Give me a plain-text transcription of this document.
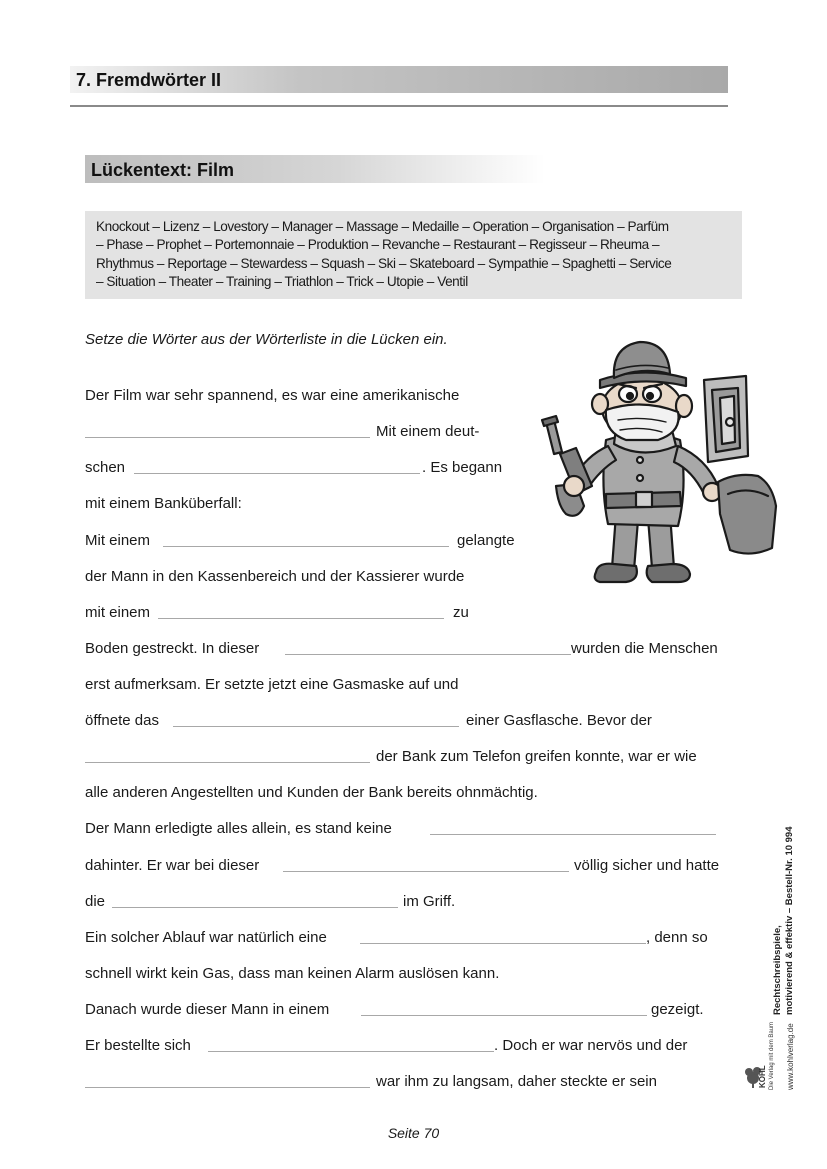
7. Fremdwörter II
Lückentext: Film
Knockout – Lizenz – Lovestory – Manager – Massage – Medaille – Operation – Organisation – Parfüm
– Phase – Prophet – Portemonnaie – Produktion – Revanche – Restaurant – Regisseur – Rheuma –
Rhythmus – Reportage – Stewardess – Squash – Ski – Skateboard – Sympathie – Spaghetti – Service
– Situation – Theater – Training – Triathlon – Trick – Utopie – Ventil
Setze die Wörter aus der Wörterliste in die Lücken ein.
Der Film war sehr spannend, es war eine amerikanische
Mit einem deut-
schen	. Es begann
mit einem Banküberfall:
Mit einem	gelangte
der Mann in den Kassenbereich und der Kassierer wurde
mit einem	zu
Boden gestreckt. In dieser	wurden die Menschen
erst aufmerksam. Er setzte jetzt eine Gasmaske auf und
öffnete das	einer Gasflasche. Bevor der
der Bank zum Telefon greifen konnte, war er wie
alle anderen Angestellten und Kunden der Bank bereits ohnmächtig.
Der Mann erledigte alles allein, es stand keine
dahinter. Er war bei dieser	völlig sicher und hatte
die	im Griff.
Ein solcher Ablauf war natürlich eine	, denn so
schnell wirkt kein Gas, dass man keinen Alarm auslösen kann.
Danach wurde dieser Mann in einem	gezeigt.
Er bestellte sich	. Doch er war nervös und der
war ihm zu langsam, daher steckte er sein
Seite 70
Rechtschreibspiele, motivierend & effektiv – Bestell-Nr. 10 994
KOHL Die Verlag mit dem Baum www.kohlverlag.de
